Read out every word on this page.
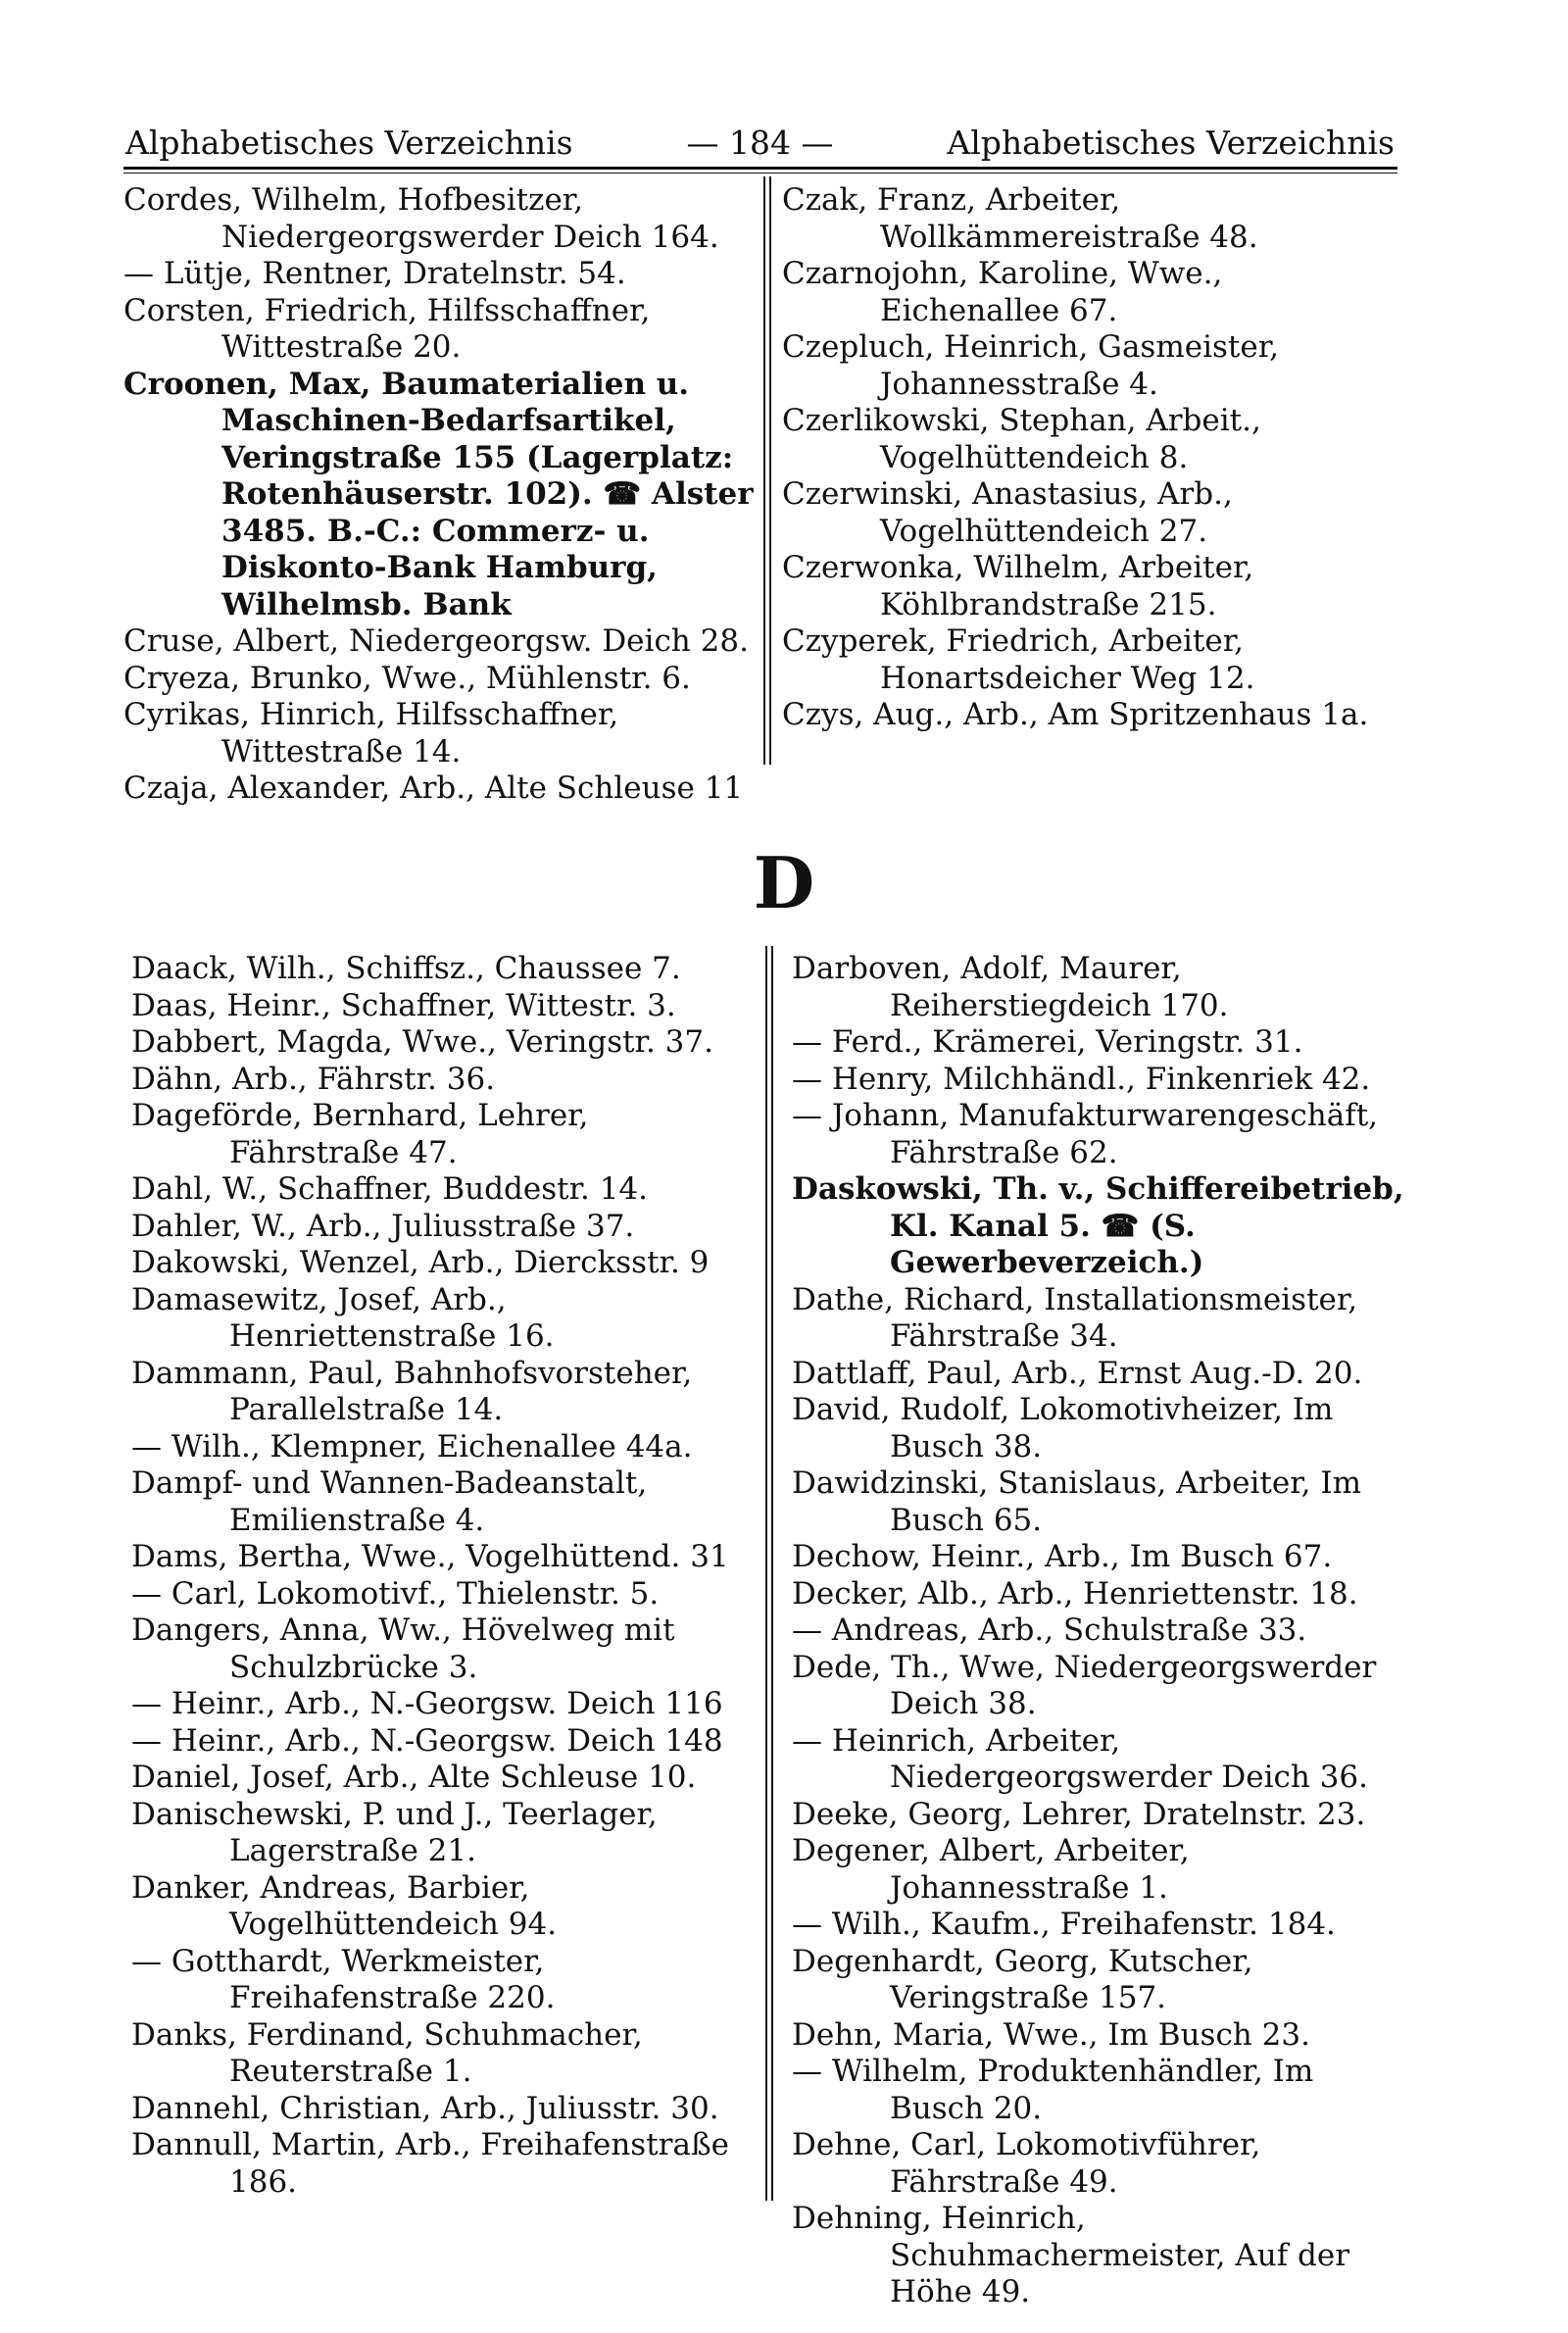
Alphabetisches Verzeichnis	— 184 —	Alphabetisches Verzeichnis
Cordes, Wilhelm, Hofbesitzer, Niedergeorgswerder Deich 164.
— Lütje, Rentner, Dratelnstr. 54.
Corsten, Friedrich, Hilfsschaffner, Wittestraße 20.
Croonen, Max, Baumaterialien u. Maschinen-Bedarfsartikel, Veringstraße 155 (Lagerplatz: Rotenhäuserstr. 102). ☎ Alster 3485. B.-C.: Commerz- u. Diskonto-Bank Hamburg, Wilhelmsb. Bank
Cruse, Albert, Niedergeorgsw. Deich 28.
Cryeza, Brunko, Wwe., Mühlenstr. 6.
Cyrikas, Hinrich, Hilfsschaffner, Wittestraße 14.
Czaja, Alexander, Arb., Alte Schleuse 11
Czak, Franz, Arbeiter, Wollkämmereistraße 48.
Czarnojohn, Karoline, Wwe., Eichenallee 67.
Czepluch, Heinrich, Gasmeister, Johannesstraße 4.
Czerlikowski, Stephan, Arbeit., Vogelhüttendeich 8.
Czerwinski, Anastasius, Arb., Vogelhüttendeich 27.
Czerwonka, Wilhelm, Arbeiter, Köhlbrandstraße 215.
Czyperek, Friedrich, Arbeiter, Honartsdeicher Weg 12.
Czys, Aug., Arb., Am Spritzenhaus 1a.
D
Daack, Wilh., Schiffsz., Chaussee 7.
Daas, Heinr., Schaffner, Wittestr. 3.
Dabbert, Magda, Wwe., Veringstr. 37.
Dähn, Arb., Fährstr. 36.
Dageförde, Bernhard, Lehrer, Fährstraße 47.
Dahl, W., Schaffner, Buddestr. 14.
Dahler, W., Arb., Juliusstraße 37.
Dakowski, Wenzel, Arb., Diercksstr. 9
Damasewitz, Josef, Arb., Henriettenstraße 16.
Dammann, Paul, Bahnhofsvorsteher, Parallelstraße 14.
— Wilh., Klempner, Eichenallee 44a.
Dampf- und Wannen-Badeanstalt, Emilienstraße 4.
Dams, Bertha, Wwe., Vogelhüttend. 31
— Carl, Lokomotivf., Thielenstr. 5.
Dangers, Anna, Ww., Hövelweg mit Schulzbrücke 3.
— Heinr., Arb., N.-Georgsw. Deich 116
— Heinr., Arb., N.-Georgsw. Deich 148
Daniel, Josef, Arb., Alte Schleuse 10.
Danischewski, P. und J., Teerlager, Lagerstraße 21.
Danker, Andreas, Barbier, Vogelhüttendeich 94.
— Gotthardt, Werkmeister, Freihafenstraße 220.
Danks, Ferdinand, Schuhmacher, Reuterstraße 1.
Dannehl, Christian, Arb., Juliusstr. 30.
Dannull, Martin, Arb., Freihafenstraße 186.
Darboven, Adolf, Maurer, Reiherstiegdeich 170.
— Ferd., Krämerei, Veringstr. 31.
— Henry, Milchhändl., Finkenriek 42.
— Johann, Manufakturwarengeschäft, Fährstraße 62.
Daskowski, Th. v., Schiffereibetrieb, Kl. Kanal 5. ☎ (S. Gewerbeverzeich.)
Dathe, Richard, Installationsmeister, Fährstraße 34.
Dattlaff, Paul, Arb., Ernst Aug.-D. 20.
David, Rudolf, Lokomotivheizer, Im Busch 38.
Dawidzinski, Stanislaus, Arbeiter, Im Busch 65.
Dechow, Heinr., Arb., Im Busch 67.
Decker, Alb., Arb., Henriettenstr. 18.
— Andreas, Arb., Schulstraße 33.
Dede, Th., Wwe, Niedergeorgswerder Deich 38.
— Heinrich, Arbeiter, Niedergeorgswerder Deich 36.
Deeke, Georg, Lehrer, Dratelnstr. 23.
Degener, Albert, Arbeiter, Johannesstraße 1.
— Wilh., Kaufm., Freihafenstr. 184.
Degenhardt, Georg, Kutscher, Veringstraße 157.
Dehn, Maria, Wwe., Im Busch 23.
— Wilhelm, Produktenhändler, Im Busch 20.
Dehne, Carl, Lokomotivführer, Fährstraße 49.
Dehning, Heinrich, Schuhmachermeister, Auf der Höhe 49.
